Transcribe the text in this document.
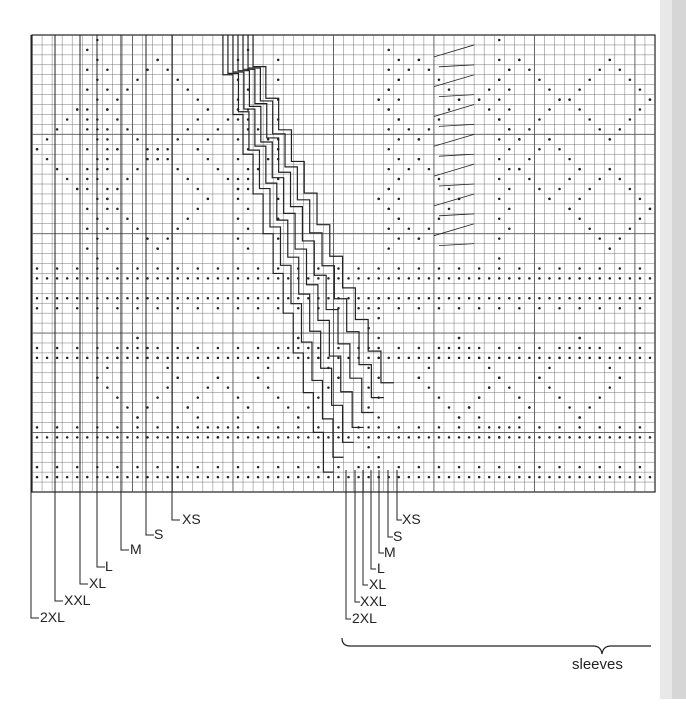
XS
S
M
L
XL
XXL
2XL
XS
S
M
L
XL
XXL
2XL
sleeves
